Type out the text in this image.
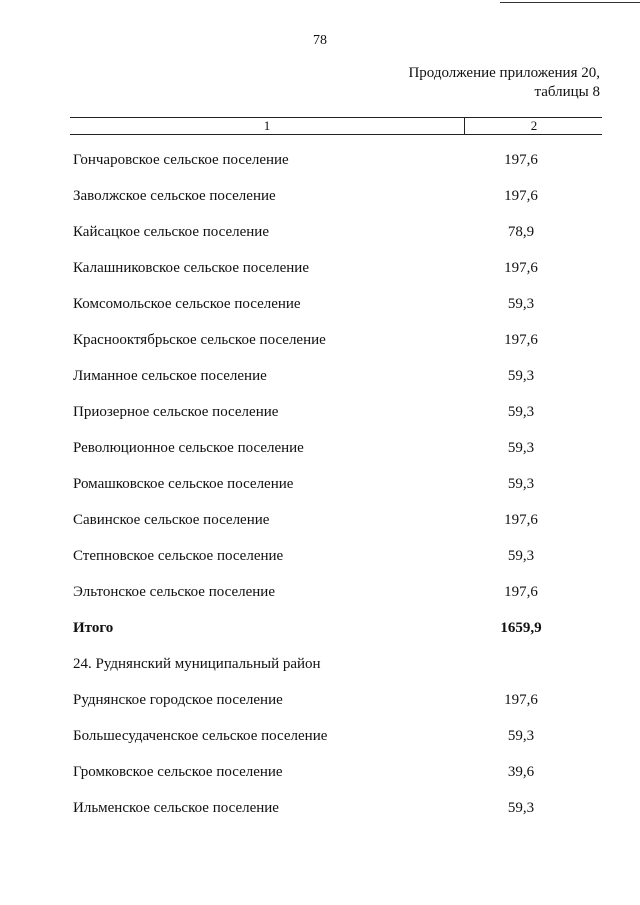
78
Продолжение приложения 20,
таблицы 8
1	2
Гончаровское сельское поселение	197,6
Заволжское сельское поселение	197,6
Кайсацкое сельское поселение	78,9
Калашниковское сельское поселение	197,6
Комсомольское сельское поселение	59,3
Краснооктябрьское сельское поселение	197,6
Лиманное сельское поселение	59,3
Приозерное сельское поселение	59,3
Революционное сельское поселение	59,3
Ромашковское сельское поселение	59,3
Савинское сельское поселение	197,6
Степновское сельское поселение	59,3
Эльтонское сельское поселение	197,6
Итого	1659,9
24. Руднянский муниципальный район
Руднянское городское поселение	197,6
Большесудаченское сельское поселение	59,3
Громковское сельское поселение	39,6
Ильменское сельское поселение	59,3
